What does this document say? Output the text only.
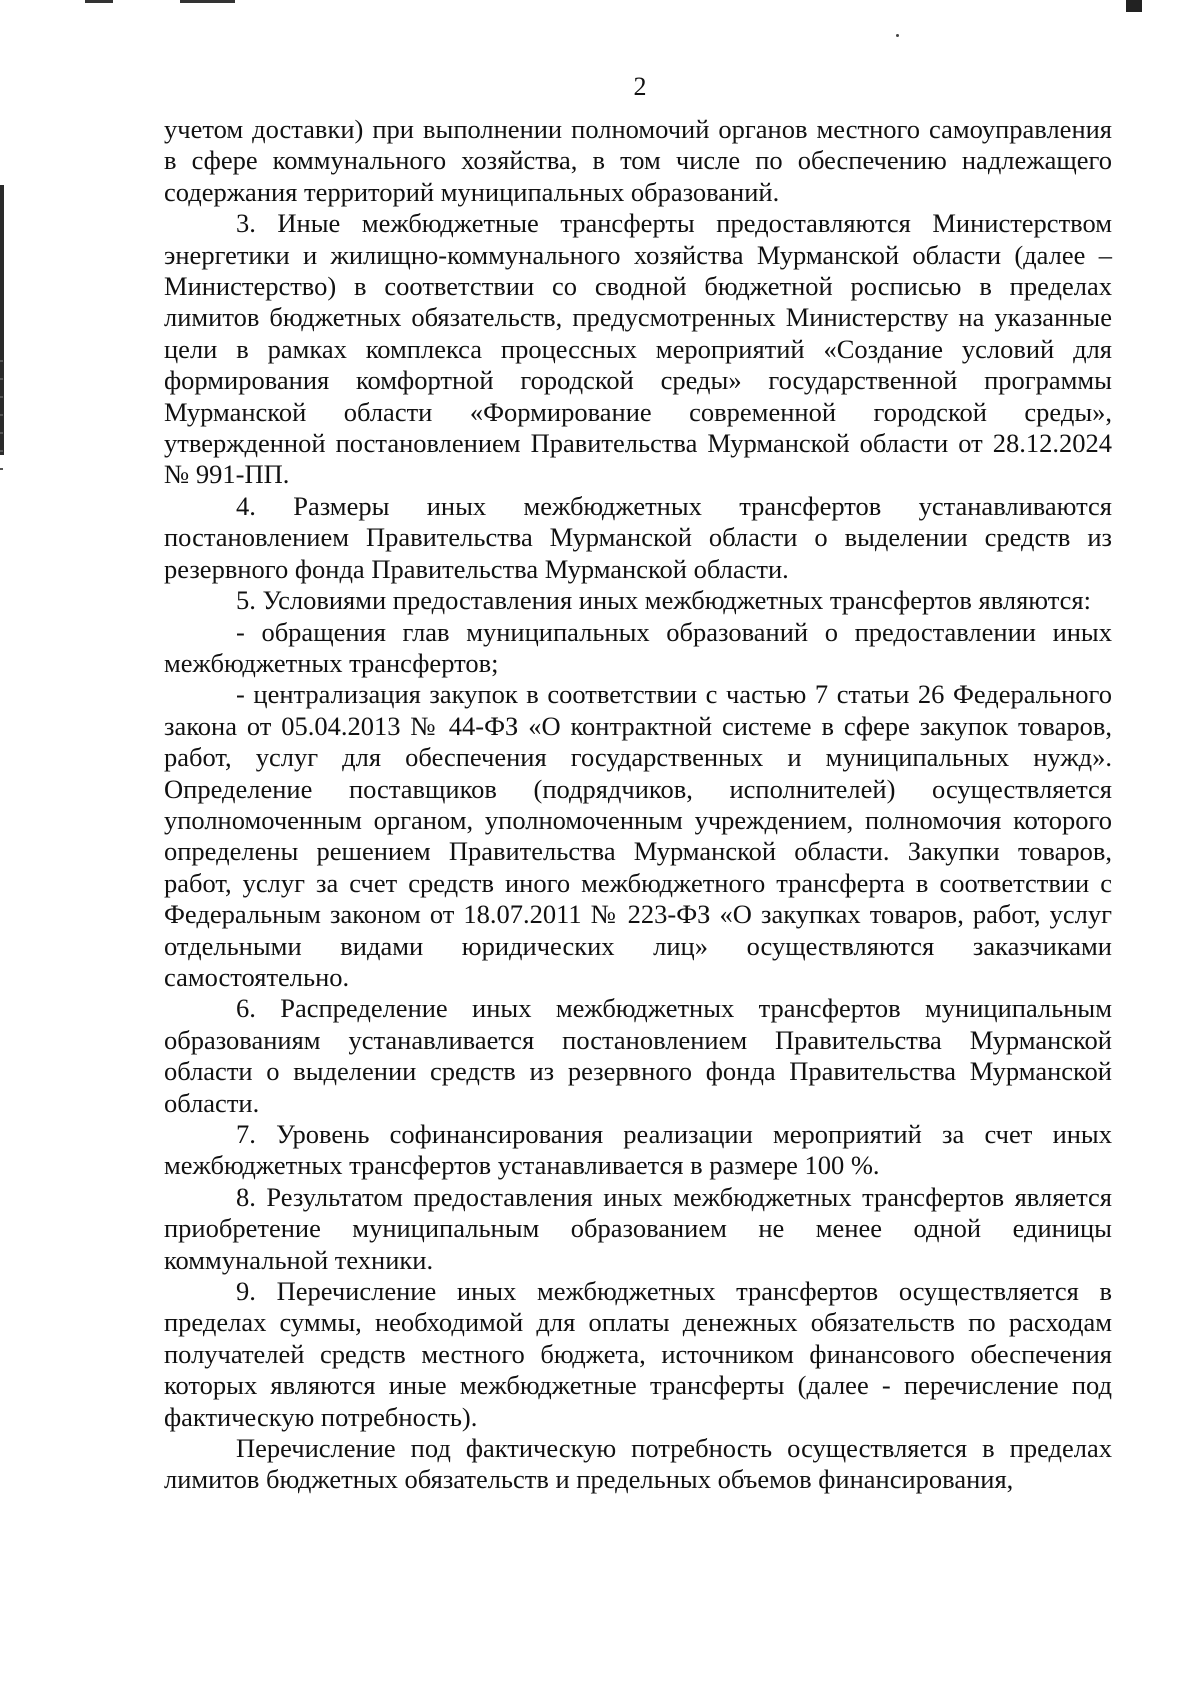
2

учетом доставки) при выполнении полномочий органов местного самоуправления в сфере коммунального хозяйства, в том числе по обеспечению надлежащего содержания территорий муниципальных образований.

3. Иные межбюджетные трансферты предоставляются Министерством энергетики и жилищно-коммунального хозяйства Мурманской области (далее – Министерство) в соответствии со сводной бюджетной росписью в пределах лимитов бюджетных обязательств, предусмотренных Министерству на указанные цели в рамках комплекса процессных мероприятий «Создание условий для формирования комфортной городской среды» государственной программы Мурманской области «Формирование современной городской среды», утвержденной постановлением Правительства Мурманской области от 28.12.2024 № 991-ПП.

4. Размеры иных межбюджетных трансфертов устанавливаются постановлением Правительства Мурманской области о выделении средств из резервного фонда Правительства Мурманской области.

5. Условиями предоставления иных межбюджетных трансфертов являются:

- обращения глав муниципальных образований о предоставлении иных межбюджетных трансфертов;

- централизация закупок в соответствии с частью 7 статьи 26 Федерального закона от 05.04.2013 № 44-ФЗ «О контрактной системе в сфере закупок товаров, работ, услуг для обеспечения государственных и муниципальных нужд». Определение поставщиков (подрядчиков, исполнителей) осуществляется уполномоченным органом, уполномоченным учреждением, полномочия которого определены решением Правительства Мурманской области. Закупки товаров, работ, услуг за счет средств иного межбюджетного трансферта в соответствии с Федеральным законом от 18.07.2011 № 223-ФЗ «О закупках товаров, работ, услуг отдельными видами юридических лиц» осуществляются заказчиками самостоятельно.

6. Распределение иных межбюджетных трансфертов муниципальным образованиям устанавливается постановлением Правительства Мурманской области о выделении средств из резервного фонда Правительства Мурманской области.

7. Уровень софинансирования реализации мероприятий за счет иных межбюджетных трансфертов устанавливается в размере 100 %.

8. Результатом предоставления иных межбюджетных трансфертов является приобретение муниципальным образованием не менее одной единицы коммунальной техники.

9. Перечисление иных межбюджетных трансфертов осуществляется в пределах суммы, необходимой для оплаты денежных обязательств по расходам получателей средств местного бюджета, источником финансового обеспечения которых являются иные межбюджетные трансферты (далее - перечисление под фактическую потребность).

Перечисление под фактическую потребность осуществляется в пределах лимитов бюджетных обязательств и предельных объемов финансирования,
